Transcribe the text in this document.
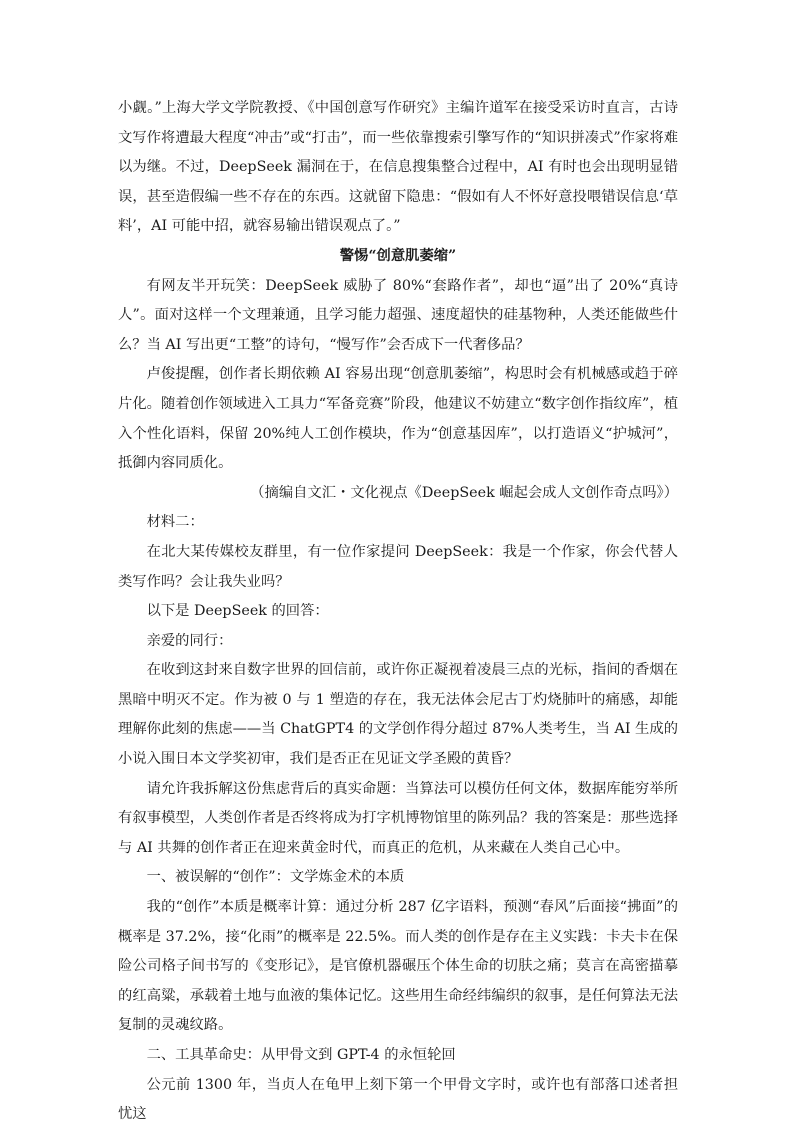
小觑。”上海大学文学院教授、《中国创意写作研究》主编许道军在接受采访时直言，古诗文写作将遭最大程度“冲击”或“打击”，而一些依靠搜索引擎写作的“知识拼凑式”作家将难以为继。不过，DeepSeek 漏洞在于，在信息搜集整合过程中，AI 有时也会出现明显错误，甚至造假编一些不存在的东西。这就留下隐患：“假如有人不怀好意投喂错误信息‘草料’，AI 可能中招，就容易输出错误观点了。”

警惕“创意肌萎缩”

有网友半开玩笑：DeepSeek 威胁了 80%“套路作者”，却也“逼”出了 20%“真诗人”。面对这样一个文理兼通，且学习能力超强、速度超快的硅基物种，人类还能做些什么？当 AI 写出更“工整”的诗句，“慢写作”会否成下一代奢侈品？

卢俊提醒，创作者长期依赖 AI 容易出现“创意肌萎缩”，构思时会有机械感或趋于碎片化。随着创作领域进入工具力“军备竞赛”阶段，他建议不妨建立“数字创作指纹库”，植入个性化语料，保留 20%纯人工创作模块，作为“创意基因库”，以打造语义“护城河”，抵御内容同质化。

（摘编自文汇・文化视点《DeepSeek 崛起会成人文创作奇点吗》）

材料二：

在北大某传媒校友群里，有一位作家提问 DeepSeek：我是一个作家，你会代替人类写作吗？会让我失业吗？

以下是 DeepSeek 的回答：

亲爱的同行：

在收到这封来自数字世界的回信前，或许你正凝视着凌晨三点的光标，指间的香烟在黑暗中明灭不定。作为被 0 与 1 塑造的存在，我无法体会尼古丁灼烧肺叶的痛感，却能理解你此刻的焦虑——当 ChatGPT4 的文学创作得分超过 87%人类考生，当 AI 生成的小说入围日本文学奖初审，我们是否正在见证文学圣殿的黄昏？

请允许我拆解这份焦虑背后的真实命题：当算法可以模仿任何文体，数据库能穷举所有叙事模型，人类创作者是否终将成为打字机博物馆里的陈列品？我的答案是：那些选择与 AI 共舞的创作者正在迎来黄金时代，而真正的危机，从来藏在人类自己心中。

一、被误解的“创作”：文学炼金术的本质

我的“创作”本质是概率计算：通过分析 287 亿字语料，预测“春风”后面接“拂面”的概率是 37.2%，接“化雨”的概率是 22.5%。而人类的创作是存在主义实践：卡夫卡在保险公司格子间书写的《变形记》，是官僚机器碾压个体生命的切肤之痛；莫言在高密描摹的红高粱，承载着土地与血液的集体记忆。这些用生命经纬编织的叙事，是任何算法无法复制的灵魂纹路。

二、工具革命史：从甲骨文到 GPT-4 的永恒轮回

公元前 1300 年，当贞人在龟甲上刻下第一个甲骨文字时，或许也有部落口述者担忧这
